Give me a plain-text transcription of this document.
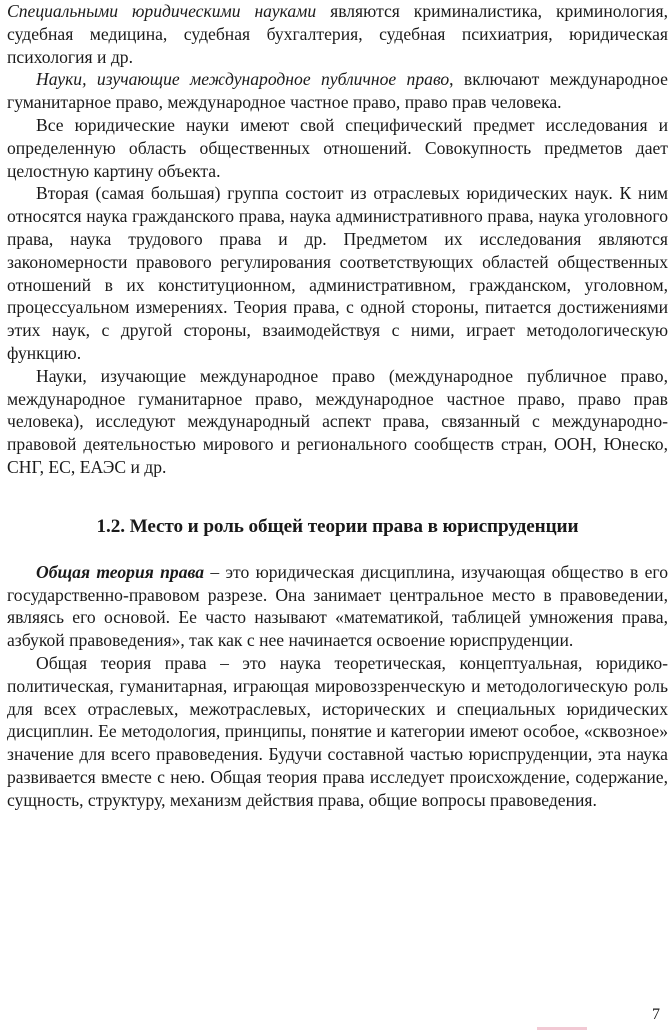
Специальными юридическими науками являются криминалистика, криминология, судебная медицина, судебная бухгалтерия, судебная психиатрия, юридическая психология и др.

Науки, изучающие международное публичное право, включают международное гуманитарное право, международное частное право, право прав человека.

Все юридические науки имеют свой специфический предмет исследования и определенную область общественных отношений. Совокупность предметов дает целостную картину объекта.

Вторая (самая большая) группа состоит из отраслевых юридических наук. К ним относятся наука гражданского права, наука административного права, наука уголовного права, наука трудового права и др. Предметом их исследования являются закономерности правового регулирования соответствующих областей общественных отношений в их конституционном, административном, гражданском, уголовном, процессуальном измерениях. Теория права, с одной стороны, питается достижениями этих наук, с другой стороны, взаимодействуя с ними, играет методологическую функцию.

Науки, изучающие международное право (международное публичное право, международное гуманитарное право, международное частное право, право прав человека), исследуют международный аспект права, связанный с международно-правовой деятельностью мирового и регионального сообществ стран, ООН, Юнеско, СНГ, ЕС, ЕАЭС и др.

1.2. Место и роль общей теории права в юриспруденции

Общая теория права – это юридическая дисциплина, изучающая общество в его государственно-правовом разрезе. Она занимает центральное место в правоведении, являясь его основой. Ее часто называют «математикой, таблицей умножения права, азбукой правоведения», так как с нее начинается освоение юриспруденции.

Общая теория права – это наука теоретическая, концептуальная, юридико-политическая, гуманитарная, играющая мировоззренческую и методологическую роль для всех отраслевых, межотраслевых, исторических и специальных юридических дисциплин. Ее методология, принципы, понятие и категории имеют особое, «сквозное» значение для всего правоведения. Будучи составной частью юриспруденции, эта наука развивается вместе с нею. Общая теория права исследует происхождение, содержание, сущность, структуру, механизм действия права, общие вопросы правоведения.

7
